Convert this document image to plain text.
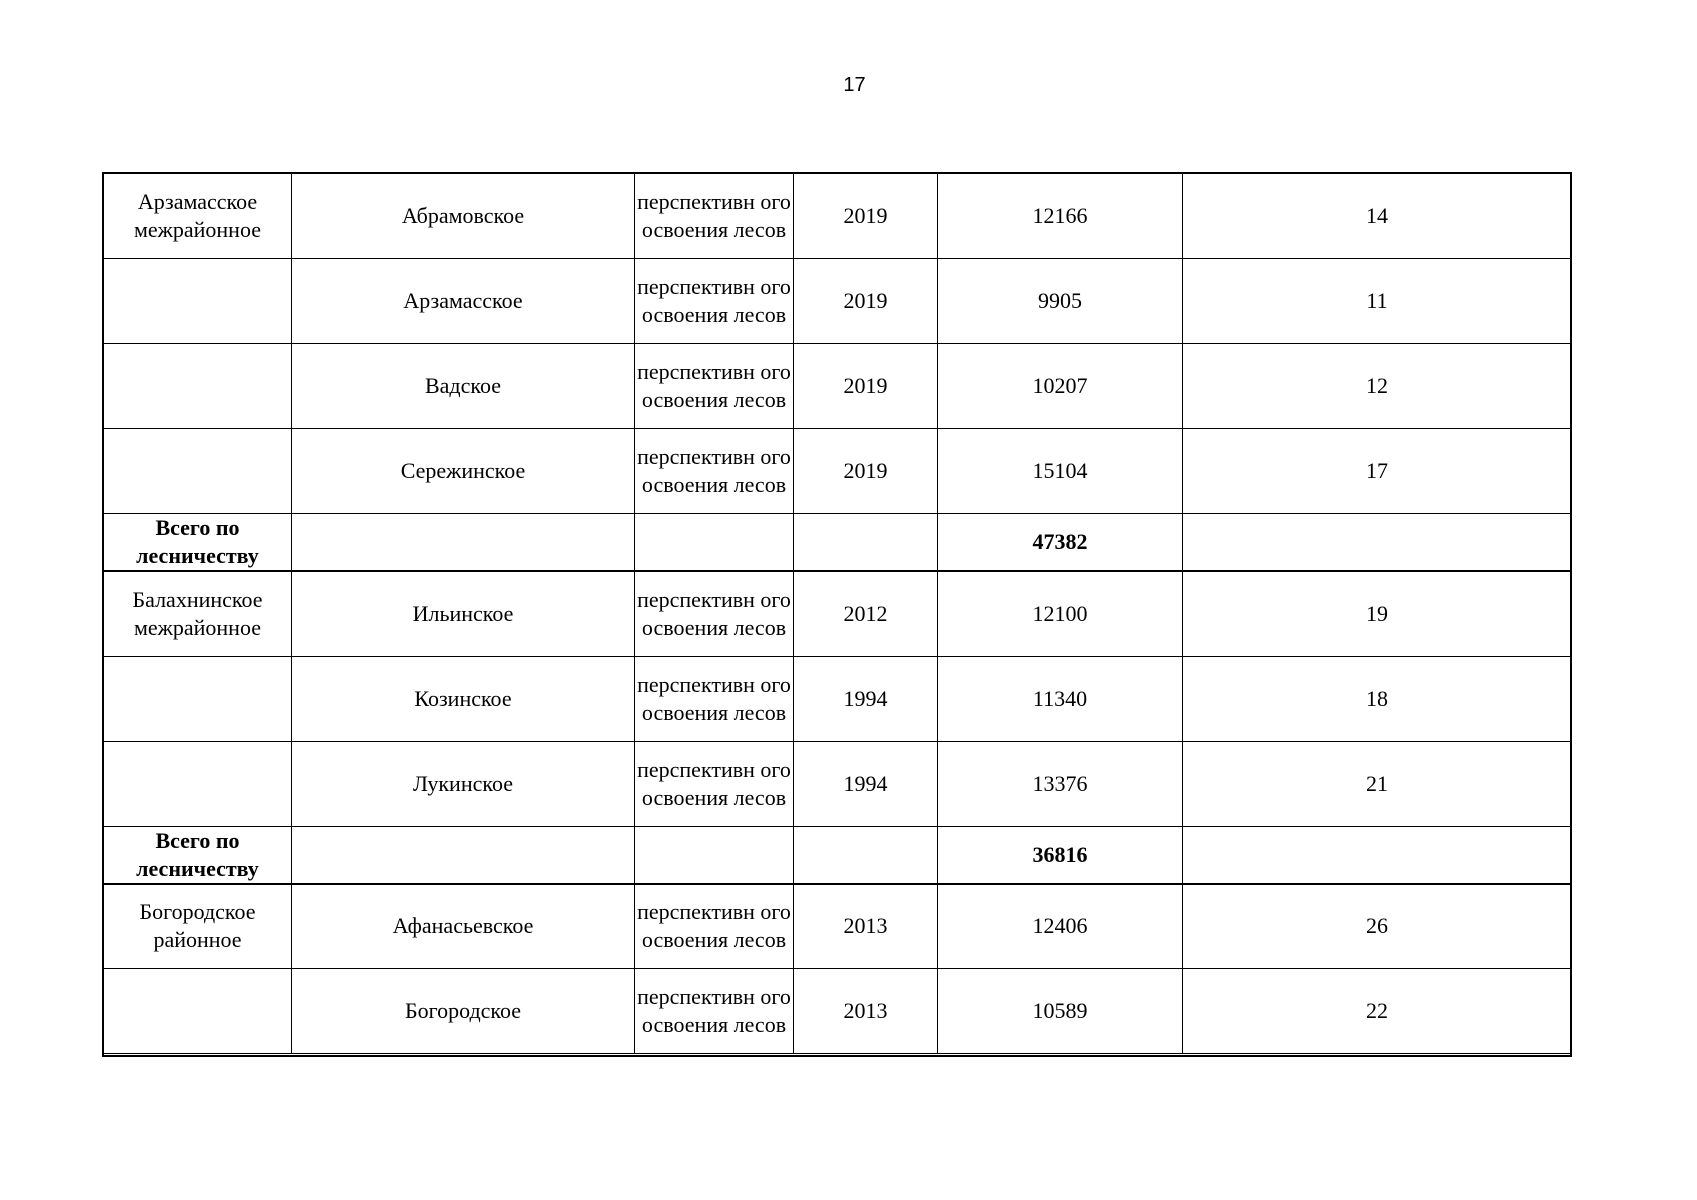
17
Арзамасское межрайонное	Абрамовское	перспективн ого освоения лесов	2019	12166	14
	Арзамасское	перспективн ого освоения лесов	2019	9905	11
	Вадское	перспективн ого освоения лесов	2019	10207	12
	Сережинское	перспективн ого освоения лесов	2019	15104	17
Всего по лесничеству				47382	
Балахнинское межрайонное	Ильинское	перспективн ого освоения лесов	2012	12100	19
	Козинское	перспективн ого освоения лесов	1994	11340	18
	Лукинское	перспективн ого освоения лесов	1994	13376	21
Всего по лесничеству				36816	
Богородское районное	Афанасьевское	перспективн ого освоения лесов	2013	12406	26
	Богородское	перспективн ого освоения лесов	2013	10589	22
